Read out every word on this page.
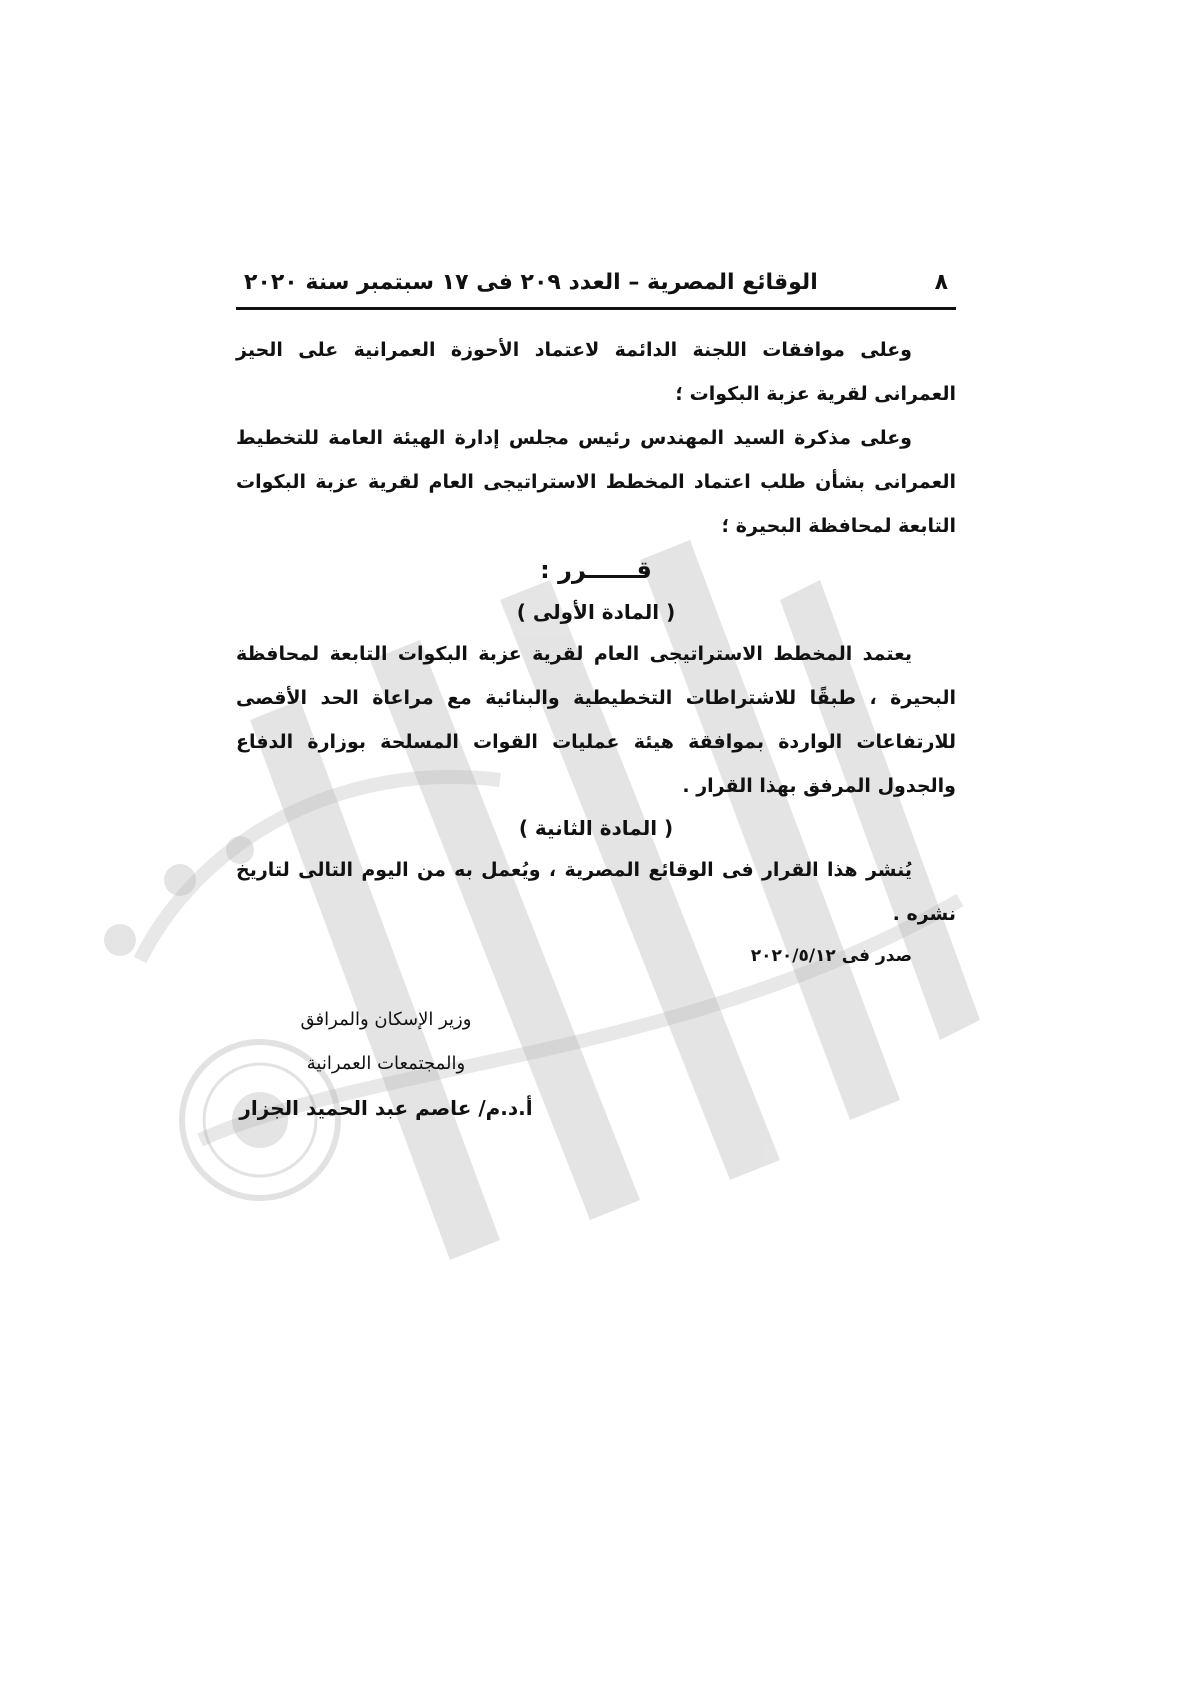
٨
الوقائع المصرية – العدد ٢٠٩ فى ١٧ سبتمبر سنة ٢٠٢٠

وعلى موافقات اللجنة الدائمة لاعتماد الأحوزة العمرانية على الحيز العمرانى لقرية عزبة البكوات ؛

وعلى مذكرة السيد المهندس رئيس مجلس إدارة الهيئة العامة للتخطيط العمرانى بشأن طلب اعتماد المخطط الاستراتيجى العام لقرية عزبة البكوات التابعة لمحافظة البحيرة ؛

قــــــرر :
( المادة الأولى )

يعتمد المخطط الاستراتيجى العام لقرية عزبة البكوات التابعة لمحافظة البحيرة ، طبقًا للاشتراطات التخطيطية والبنائية مع مراعاة الحد الأقصى للارتفاعات الواردة بموافقة هيئة عمليات القوات المسلحة بوزارة الدفاع والجدول المرفق بهذا القرار .

( المادة الثانية )

يُنشر هذا القرار فى الوقائع المصرية ، ويُعمل به من اليوم التالى لتاريخ نشره .

صدر فى ٢٠٢٠/٥/١٢
وزير الإسكان والمرافق
والمجتمعات العمرانية
أ.د.م/ عاصم عبد الحميد الجزار
